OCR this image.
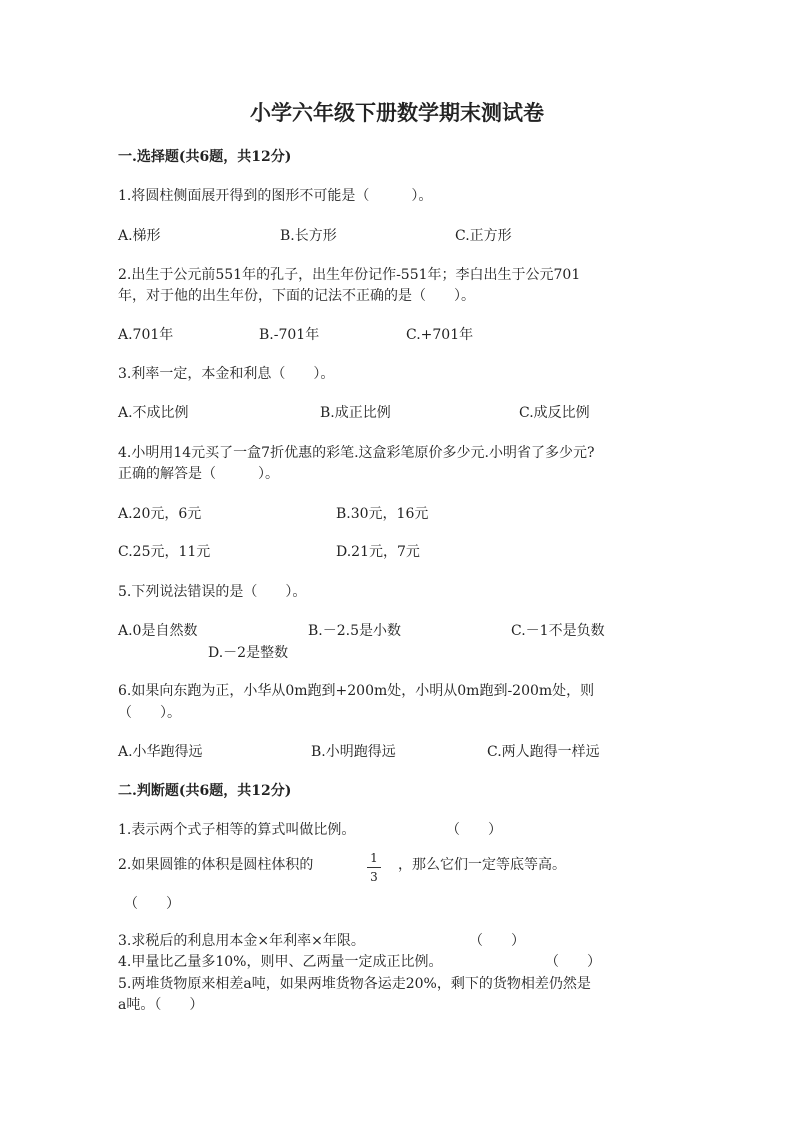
小学六年级下册数学期末测试卷
一.选择题(共6题，共12分)
1.将圆柱侧面展开得到的图形不可能是（　　　）。
A.梯形	B.长方形	C.正方形
2.出生于公元前551年的孔子，出生年份记作-551年；李白出生于公元701
年，对于他的出生年份，下面的记法不正确的是（　　）。
A.701年	B.-701年	C.+701年
3.利率一定，本金和利息（　　）。
A.不成比例	B.成正比例	C.成反比例
4.小明用14元买了一盒7折优惠的彩笔.这盒彩笔原价多少元.小明省了多少元?
正确的解答是（　　　）。
A.20元，6元	B.30元，16元
C.25元，11元	D.21元，7元
5.下列说法错误的是（　　）。
A.0是自然数	B.－2.5是小数	C.－1不是负数
D.－2是整数
6.如果向东跑为正，小华从0m跑到+200m处，小明从0m跑到-200m处，则
（　　）。
A.小华跑得远	B.小明跑得远	C.两人跑得一样远
二.判断题(共6题，共12分)
1.表示两个式子相等的算式叫做比例。	（　　）
2.如果圆锥的体积是圆柱体积的	1
3
，那么它们一定等底等高。
（　　）
3.求税后的利息用本金×年利率×年限。	（　　）
4.甲量比乙量多10%，则甲、乙两量一定成正比例。	（　　）
5.两堆货物原来相差a吨，如果两堆货物各运走20%，剩下的货物相差仍然是
a吨。（　　）
